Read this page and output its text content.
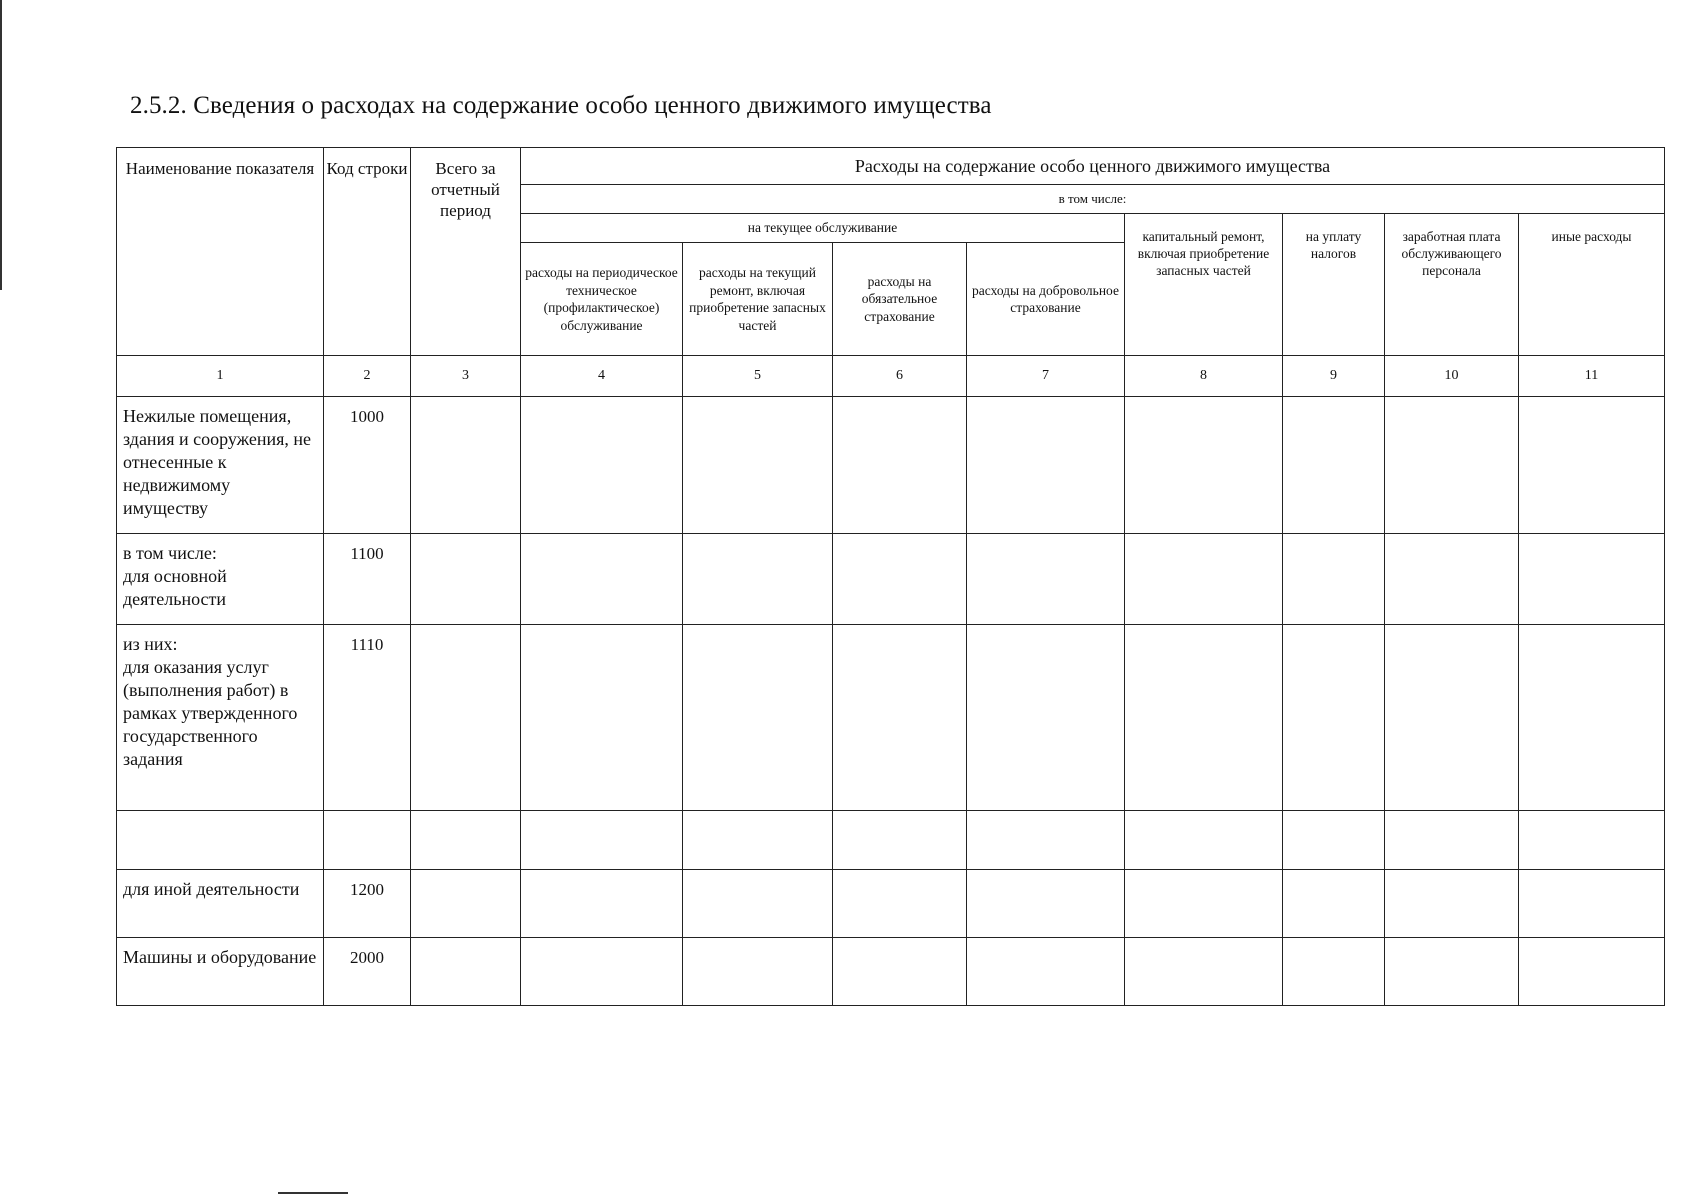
2.5.2. Сведения о расходах на содержание особо ценного движимого имущества
Наименование показателя	Код строки	Всего за отчетный период	Расходы на содержание особо ценного движимого имущества							
			в том числе:							
			на текущее обслуживание				капитальный ремонт, включая приобретение запасных частей	на уплату налогов	заработная плата обслуживающего персонала	иные расходы
			расходы на периодическое техническое (профилактическое) обслуживание	расходы на текущий ремонт, включая приобретение запасных частей	расходы на обязательное страхование	расходы на добровольное страхование				
1	2	3	4	5	6	7	8	9	10	11
Нежилые помещения, здания и сооружения, не отнесенные к недвижимому имуществу	1000									
в том числе:
для основной деятельности	1100									
из них:
для оказания услуг (выполнения работ) в рамках утвержденного государственного задания	1110									

для иной деятельности	1200									
Машины и оборудование	2000									
